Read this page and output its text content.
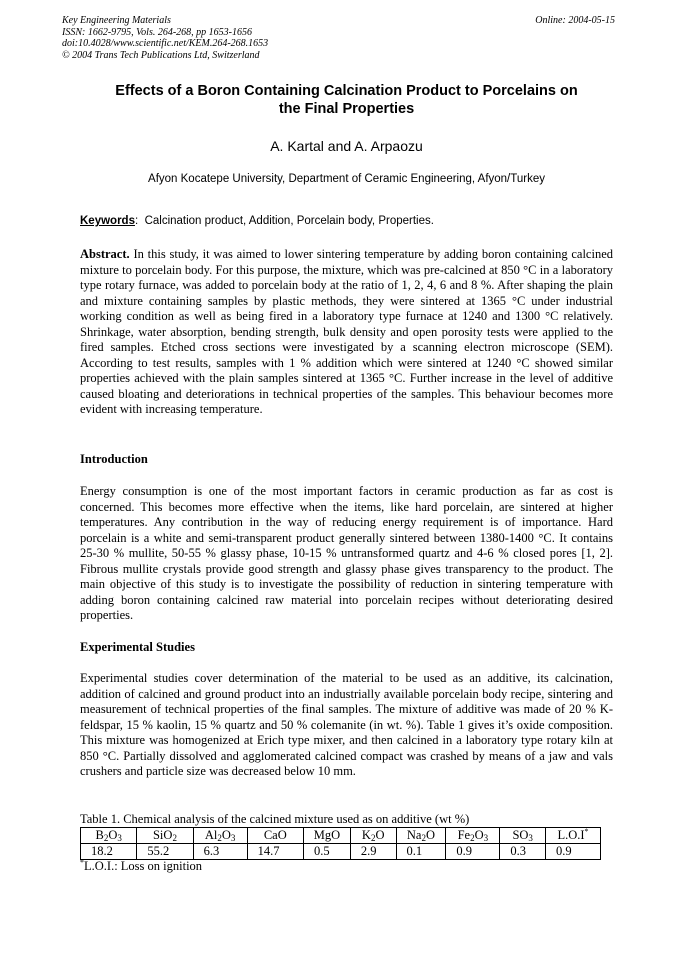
Key Engineering Materials
ISSN: 1662-9795, Vols. 264-268, pp 1653-1656
doi:10.4028/www.scientific.net/KEM.264-268.1653
© 2004 Trans Tech Publications Ltd, Switzerland
Online: 2004-05-15
Effects of a Boron Containing Calcination Product to Porcelains on
the Final Properties
A. Kartal and A. Arpaozu
Afyon Kocatepe University, Department of Ceramic Engineering, Afyon/Turkey
Keywords:  Calcination product, Addition, Porcelain body, Properties.
Abstract. In this study, it was aimed to lower sintering temperature by adding boron containing calcined mixture to porcelain body. For this purpose, the mixture, which was pre-calcined at 850 °C in a laboratory type rotary furnace, was added to porcelain body at the ratio of 1, 2, 4, 6 and 8 %. After shaping the plain and mixture containing samples by plastic methods, they were sintered at 1365 °C under industrial working condition as well as being fired in a laboratory type furnace at 1240 and 1300 °C relatively. Shrinkage, water absorption, bending strength, bulk density and open porosity tests were applied to the fired samples. Etched cross sections were investigated by a scanning electron microscope (SEM). According to test results, samples with 1 % addition which were sintered at 1240 °C showed similar properties achieved with the plain samples sintered at 1365 °C. Further increase in the level of additive caused bloating and deteriorations in technical properties of the samples. This behaviour becomes more evident with increasing temperature.
Introduction
Energy consumption is one of the most important factors in ceramic production as far as cost is concerned. This becomes more effective when the items, like hard porcelain, are sintered at higher temperatures. Any contribution in the way of reducing energy requirement is of importance. Hard porcelain is a white and semi-transparent product generally sintered between 1380-1400 °C. It contains 25-30 % mullite, 50-55 % glassy phase, 10-15 % untransformed quartz and 4-6 % closed pores [1, 2]. Fibrous mullite crystals provide good strength and glassy phase gives transparency to the product. The main objective of this study is to investigate the possibility of reduction in sintering temperature with adding boron containing calcined raw material into porcelain recipes without deteriorating desired properties.
Experimental Studies
Experimental studies cover determination of the material to be used as an additive, its calcination, addition of calcined and ground product into an industrially available porcelain body recipe, sintering and measurement of technical properties of the final samples. The mixture of additive was made of 20 % K-feldspar, 15 % kaolin, 15 % quartz and 50 % colemanite (in wt. %). Table 1 gives it’s oxide composition. This mixture was homogenized at Erich type mixer, and then calcined in a laboratory type rotary kiln at 850 °C. Partially dissolved and agglomerated calcined compact was crashed by means of a jaw and vals crushers and particle size was decreased below 10 mm.
Table 1. Chemical analysis of the calcined mixture used as on additive (wt %)
$B_2O_3$	SiO$_2$	$Al_2O_3$	CaO	MgO	$K_2O$	$Na_2O$	$Fe_2O_3$	$SO_3$	L.O.I*
18.2	55.2	6.3	14.7	0.5	2.9	0.1	0.9	0.3	0.9
*L.O.I.: Loss on ignition
